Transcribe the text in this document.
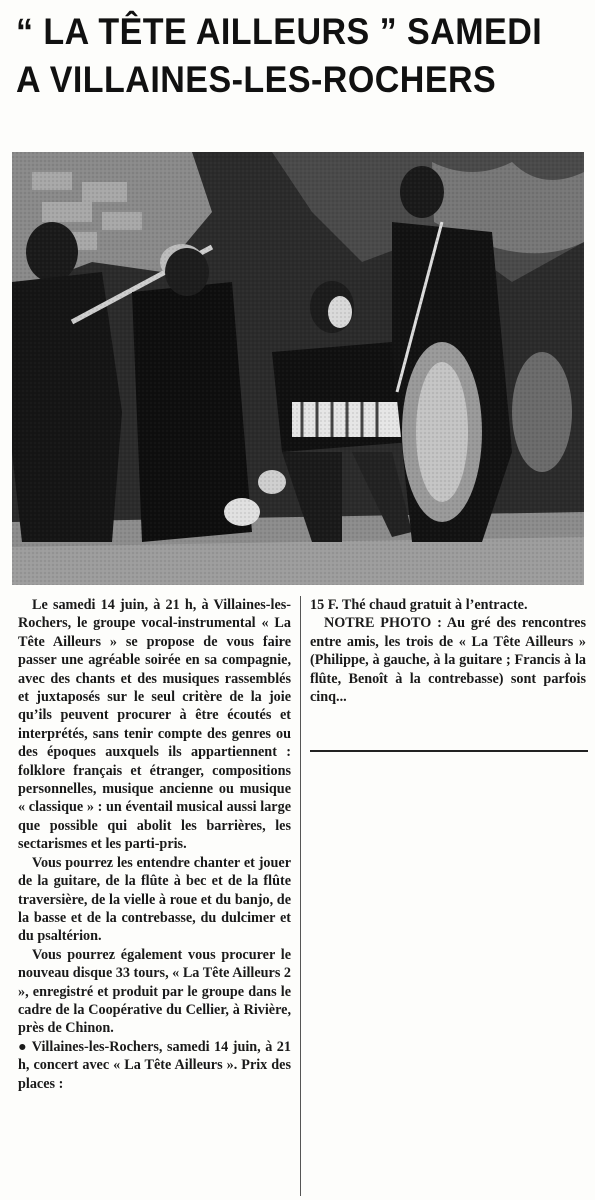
“ LA TÊTE AILLEURS ” SAMEDI
A VILLAINES-LES-ROCHERS

Le samedi 14 juin, à 21 h, à Villaines-les-Rochers, le groupe vocal-instrumental « La Tête Ailleurs » se propose de vous faire passer une agréable soirée en sa compagnie, avec des chants et des musiques rassemblés et juxtaposés sur le seul critère de la joie qu’ils peuvent procurer à être écoutés et interprétés, sans tenir compte des genres ou des époques auxquels ils appartiennent : folklore français et étranger, compositions personnelles, musique ancienne ou musique « classique » : un éventail musical aussi large que possible qui abolit les barrières, les sectarismes et les parti-pris.

Vous pourrez les entendre chanter et jouer de la guitare, de la flûte à bec et de la flûte traversière, de la vielle à roue et du banjo, de la basse et de la contrebasse, du dulcimer et du psaltérion.

Vous pourrez également vous procurer le nouveau disque 33 tours, « La Tête Ailleurs 2 », enregistré et produit par le groupe dans le cadre de la Coopérative du Cellier, à Rivière, près de Chinon.

● Villaines-les-Rochers, samedi 14 juin, à 21 h, concert avec « La Tête Ailleurs ». Prix des places :

15 F. Thé chaud gratuit à l’entracte.

NOTRE PHOTO : Au gré des rencontres entre amis, les trois de « La Tête Ailleurs » (Philippe, à gauche, à la guitare ; Francis à la flûte, Benoît à la contrebasse) sont parfois cinq...
